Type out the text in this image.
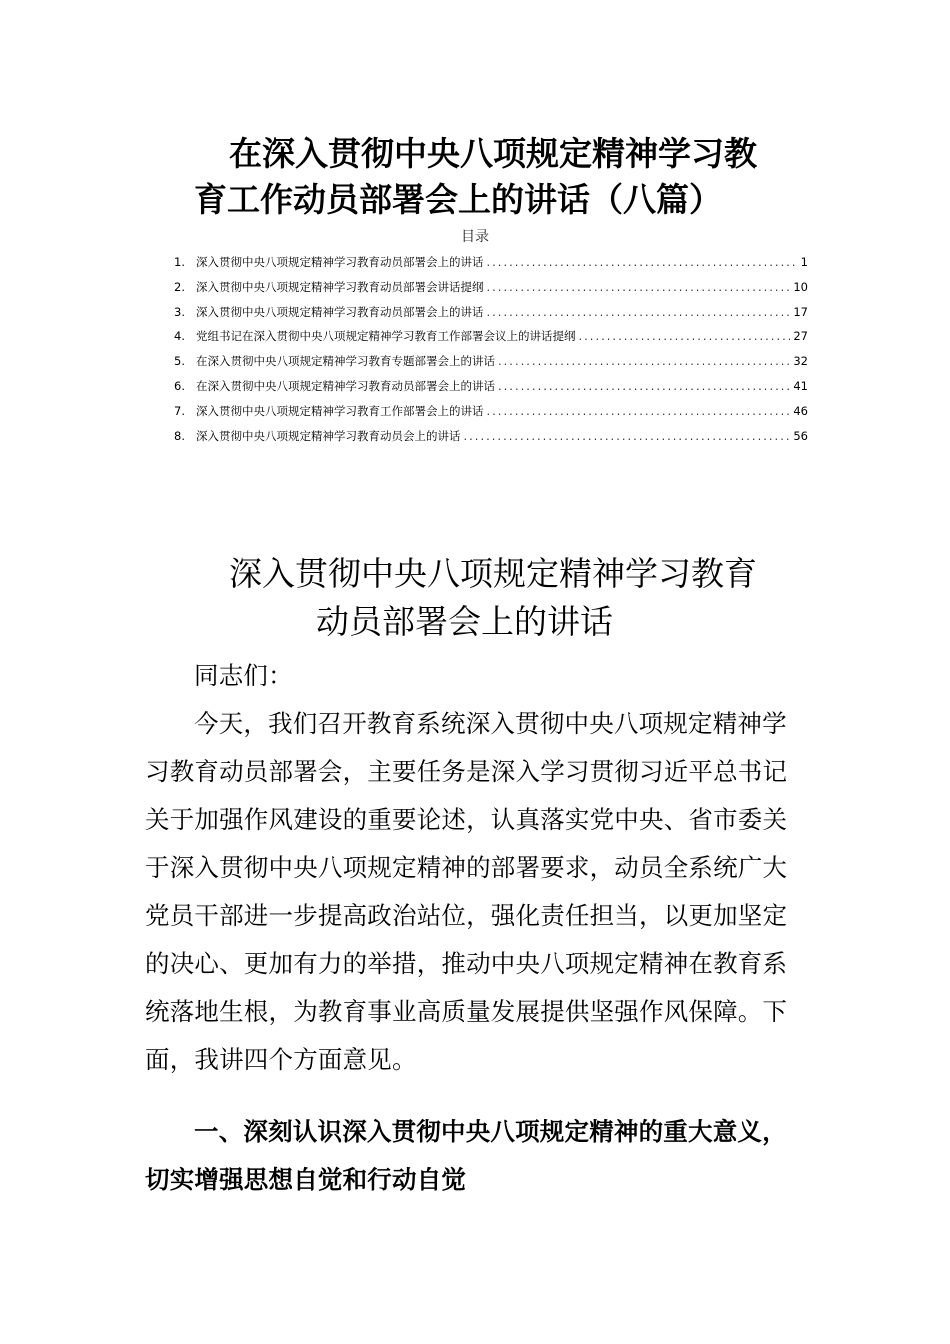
在深入贯彻中央八项规定精神学习教
育工作动员部署会上的讲话（八篇）
目录
1. 深入贯彻中央八项规定精神学习教育动员部署会上的讲话 .....	1
2. 深入贯彻中央八项规定精神学习教育动员部署会讲话提纲 .....	10
3. 深入贯彻中央八项规定精神学习教育动员部署会上的讲话 .....	17
4. 党组书记在深入贯彻中央八项规定精神学习教育工作部署会议上的讲话提纲 .....	27
5. 在深入贯彻中央八项规定精神学习教育专题部署会上的讲话 .....	32
6. 在深入贯彻中央八项规定精神学习教育动员部署会上的讲话 .....	41
7. 深入贯彻中央八项规定精神学习教育工作部署会上的讲话 .....	46
8. 深入贯彻中央八项规定精神学习教育动员会上的讲话 .....	56
深入贯彻中央八项规定精神学习教育
动员部署会上的讲话
同志们：
今天，我们召开教育系统深入贯彻中央八项规定精神学习教育动员部署会，主要任务是深入学习贯彻习近平总书记关于加强作风建设的重要论述，认真落实党中央、省市委关于深入贯彻中央八项规定精神的部署要求，动员全系统广大党员干部进一步提高政治站位，强化责任担当，以更加坚定的决心、更加有力的举措，推动中央八项规定精神在教育系统落地生根，为教育事业高质量发展提供坚强作风保障。下面，我讲四个方面意见。
一、深刻认识深入贯彻中央八项规定精神的重大意义，切实增强思想自觉和行动自觉
